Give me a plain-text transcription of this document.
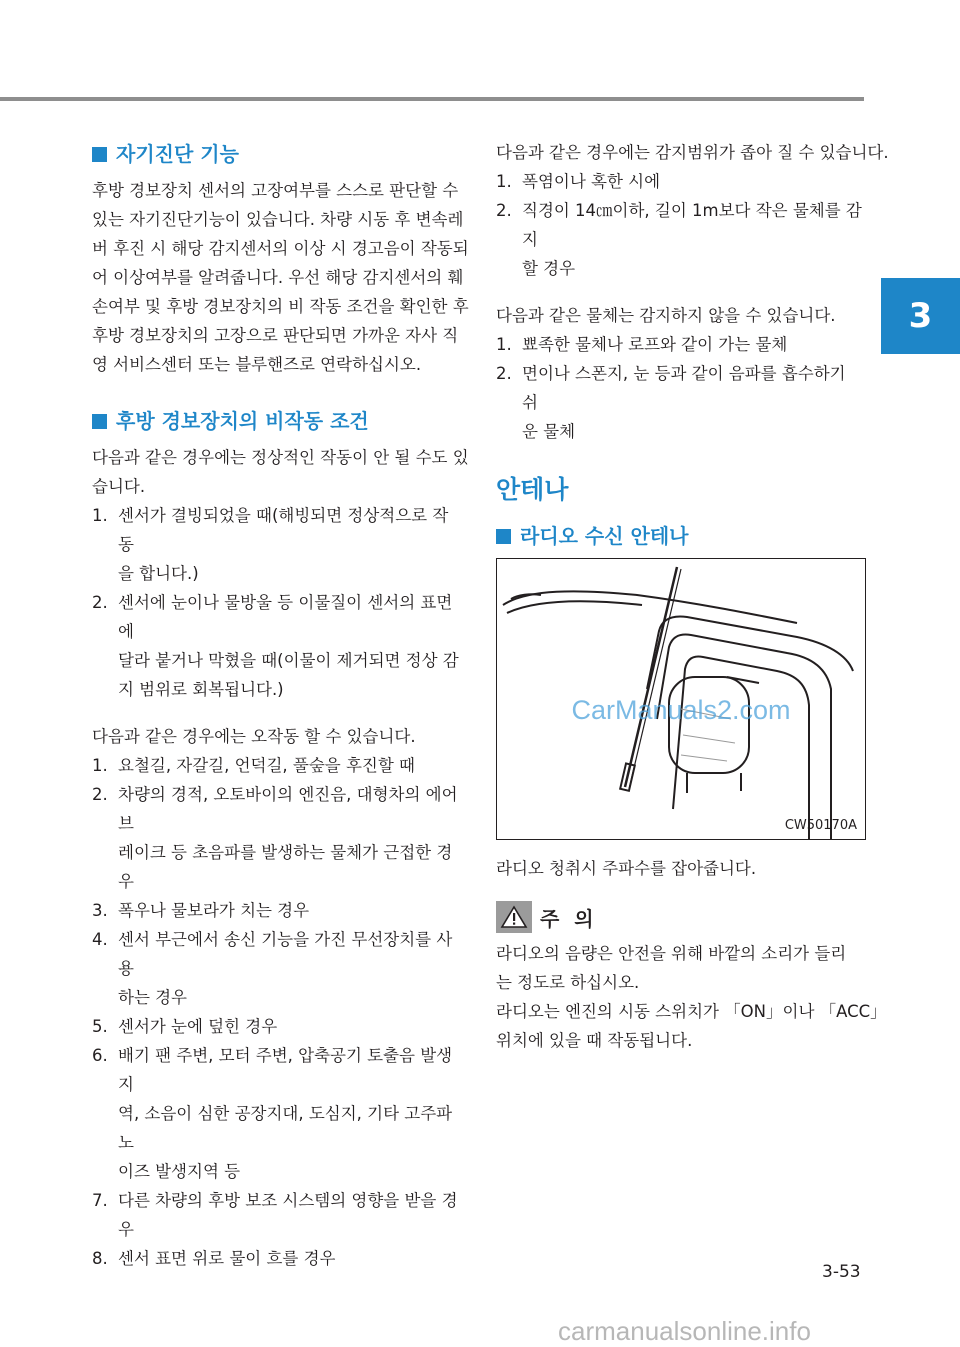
3
자기진단 기능
후방 경보장치 센서의 고장여부를 스스로 판단할 수
있는 자기진단기능이 있습니다. 차량 시동 후 변속레
버 후진 시 해당 감지센서의 이상 시 경고음이 작동되
어 이상여부를 알려줍니다. 우선 해당 감지센서의 훼
손여부 및 후방 경보장치의 비 작동 조건을 확인한 후
후방 경보장치의 고장으로 판단되면 가까운 자사 직
영 서비스센터 또는 블루핸즈로 연락하십시오.
후방 경보장치의 비작동 조건
다음과 같은 경우에는 정상적인 작동이 안 될 수도 있
습니다.
1. 센서가 결빙되었을 때(해빙되면 정상적으로 작동
을 합니다.)
2. 센서에 눈이나 물방울 등 이물질이 센서의 표면에
달라 붙거나 막혔을 때(이물이 제거되면 정상 감
지 범위로 회복됩니다.)
다음과 같은 경우에는 오작동 할 수 있습니다.
1. 요철길, 자갈길, 언덕길, 풀숲을 후진할 때
2. 차량의 경적, 오토바이의 엔진음, 대형차의 에어 브
레이크 등 초음파를 발생하는 물체가 근접한 경우
3. 폭우나 물보라가 치는 경우
4. 센서 부근에서 송신 기능을 가진 무선장치를 사용
하는 경우
5. 센서가 눈에 덮힌 경우
6. 배기 팬 주변, 모터 주변, 압축공기 토출음 발생지
역, 소음이 심한 공장지대, 도심지, 기타 고주파 노
이즈 발생지역 등
7. 다른 차량의 후방 보조 시스템의 영향을 받을 경우
8. 센서 표면 위로 물이 흐를 경우
다음과 같은 경우에는 감지범위가 좁아 질 수 있습니다.
1. 폭염이나 혹한 시에
2. 직경이 14㎝이하, 길이 1m보다 작은 물체를 감지
할 경우
다음과 같은 물체는 감지하지 않을 수 있습니다.
1. 뾰족한 물체나 로프와 같이 가는 물체
2. 면이나 스폰지, 눈 등과 같이 음파를 흡수하기 쉬
운 물체
안테나
라디오 수신 안테나
CarManuals2.com
CW50170A
라디오 청취시 주파수를 잡아줍니다.
주 의
라디오의 음량은 안전을 위해 바깥의 소리가 들리
는 정도로 하십시오.
라디오는 엔진의 시동 스위치가 「ON」이나 「ACC」
위치에 있을 때 작동됩니다.
3-53
carmanualsonline.info
